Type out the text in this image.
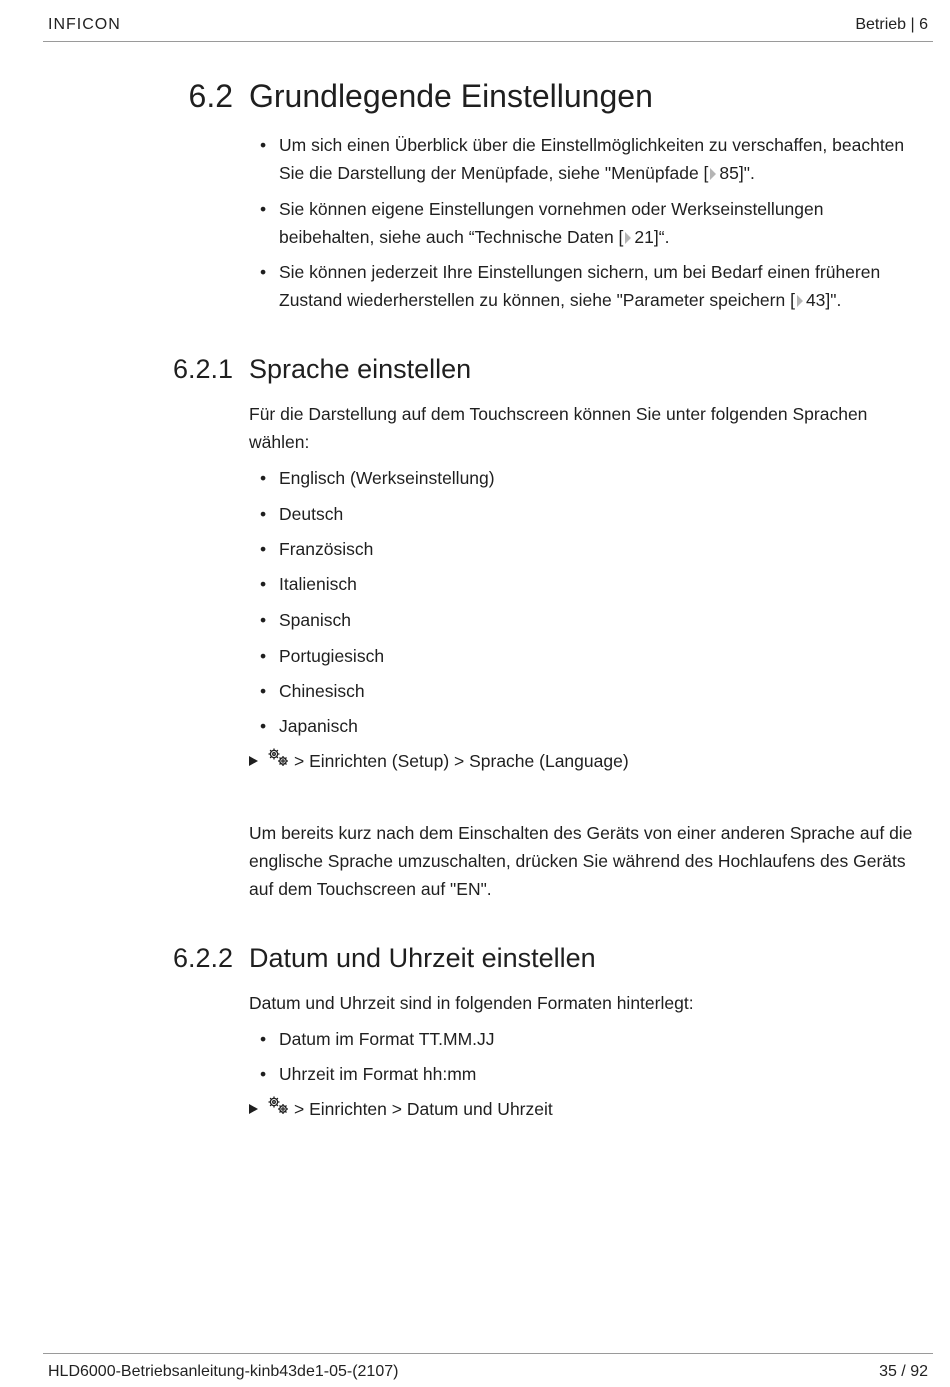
INFICON	Betrieb | 6
6.2 Grundlegende Einstellungen
• Um sich einen Überblick über die Einstellmöglichkeiten zu verschaffen, beachten Sie die Darstellung der Menüpfade, siehe "Menüpfade [ 85]".
• Sie können eigene Einstellungen vornehmen oder Werkseinstellungen beibehalten, siehe auch “Technische Daten [ 21]“.
• Sie können jederzeit Ihre Einstellungen sichern, um bei Bedarf einen früheren Zustand wiederherstellen zu können, siehe "Parameter speichern [ 43]".
6.2.1 Sprache einstellen
Für die Darstellung auf dem Touchscreen können Sie unter folgenden Sprachen wählen:
• Englisch (Werkseinstellung)
• Deutsch
• Französisch
• Italienisch
• Spanisch
• Portugiesisch
• Chinesisch
• Japanisch
> Einrichten (Setup) > Sprache (Language)
Um bereits kurz nach dem Einschalten des Geräts von einer anderen Sprache auf die englische Sprache umzuschalten, drücken Sie während des Hochlaufens des Geräts auf dem Touchscreen auf "EN".
6.2.2 Datum und Uhrzeit einstellen
Datum und Uhrzeit sind in folgenden Formaten hinterlegt:
• Datum im Format TT.MM.JJ
• Uhrzeit im Format hh:mm
> Einrichten > Datum und Uhrzeit
HLD6000-Betriebsanleitung-kinb43de1-05-(2107)	35 / 92
